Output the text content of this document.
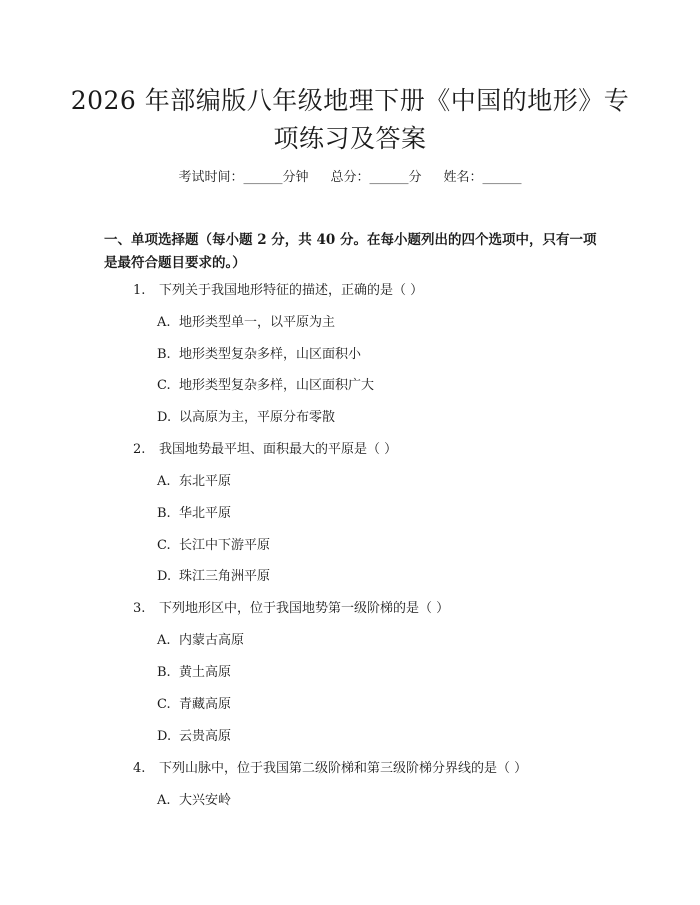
2026 年部编版八年级地理下册《中国的地形》专项练习及答案
考试时间：______分钟 总分：______分 姓名：______
一、单项选择题（每小题 2 分，共 40 分。在每小题列出的四个选项中，只有一项是最符合题目要求的。）
1. 下列关于我国地形特征的描述，正确的是（ ）
A. 地形类型单一，以平原为主
B. 地形类型复杂多样，山区面积小
C. 地形类型复杂多样，山区面积广大
D. 以高原为主，平原分布零散
2. 我国地势最平坦、面积最大的平原是（ ）
A. 东北平原
B. 华北平原
C. 长江中下游平原
D. 珠江三角洲平原
3. 下列地形区中，位于我国地势第一级阶梯的是（ ）
A. 内蒙古高原
B. 黄土高原
C. 青藏高原
D. 云贵高原
4. 下列山脉中，位于我国第二级阶梯和第三级阶梯分界线的是（ ）
A. 大兴安岭
